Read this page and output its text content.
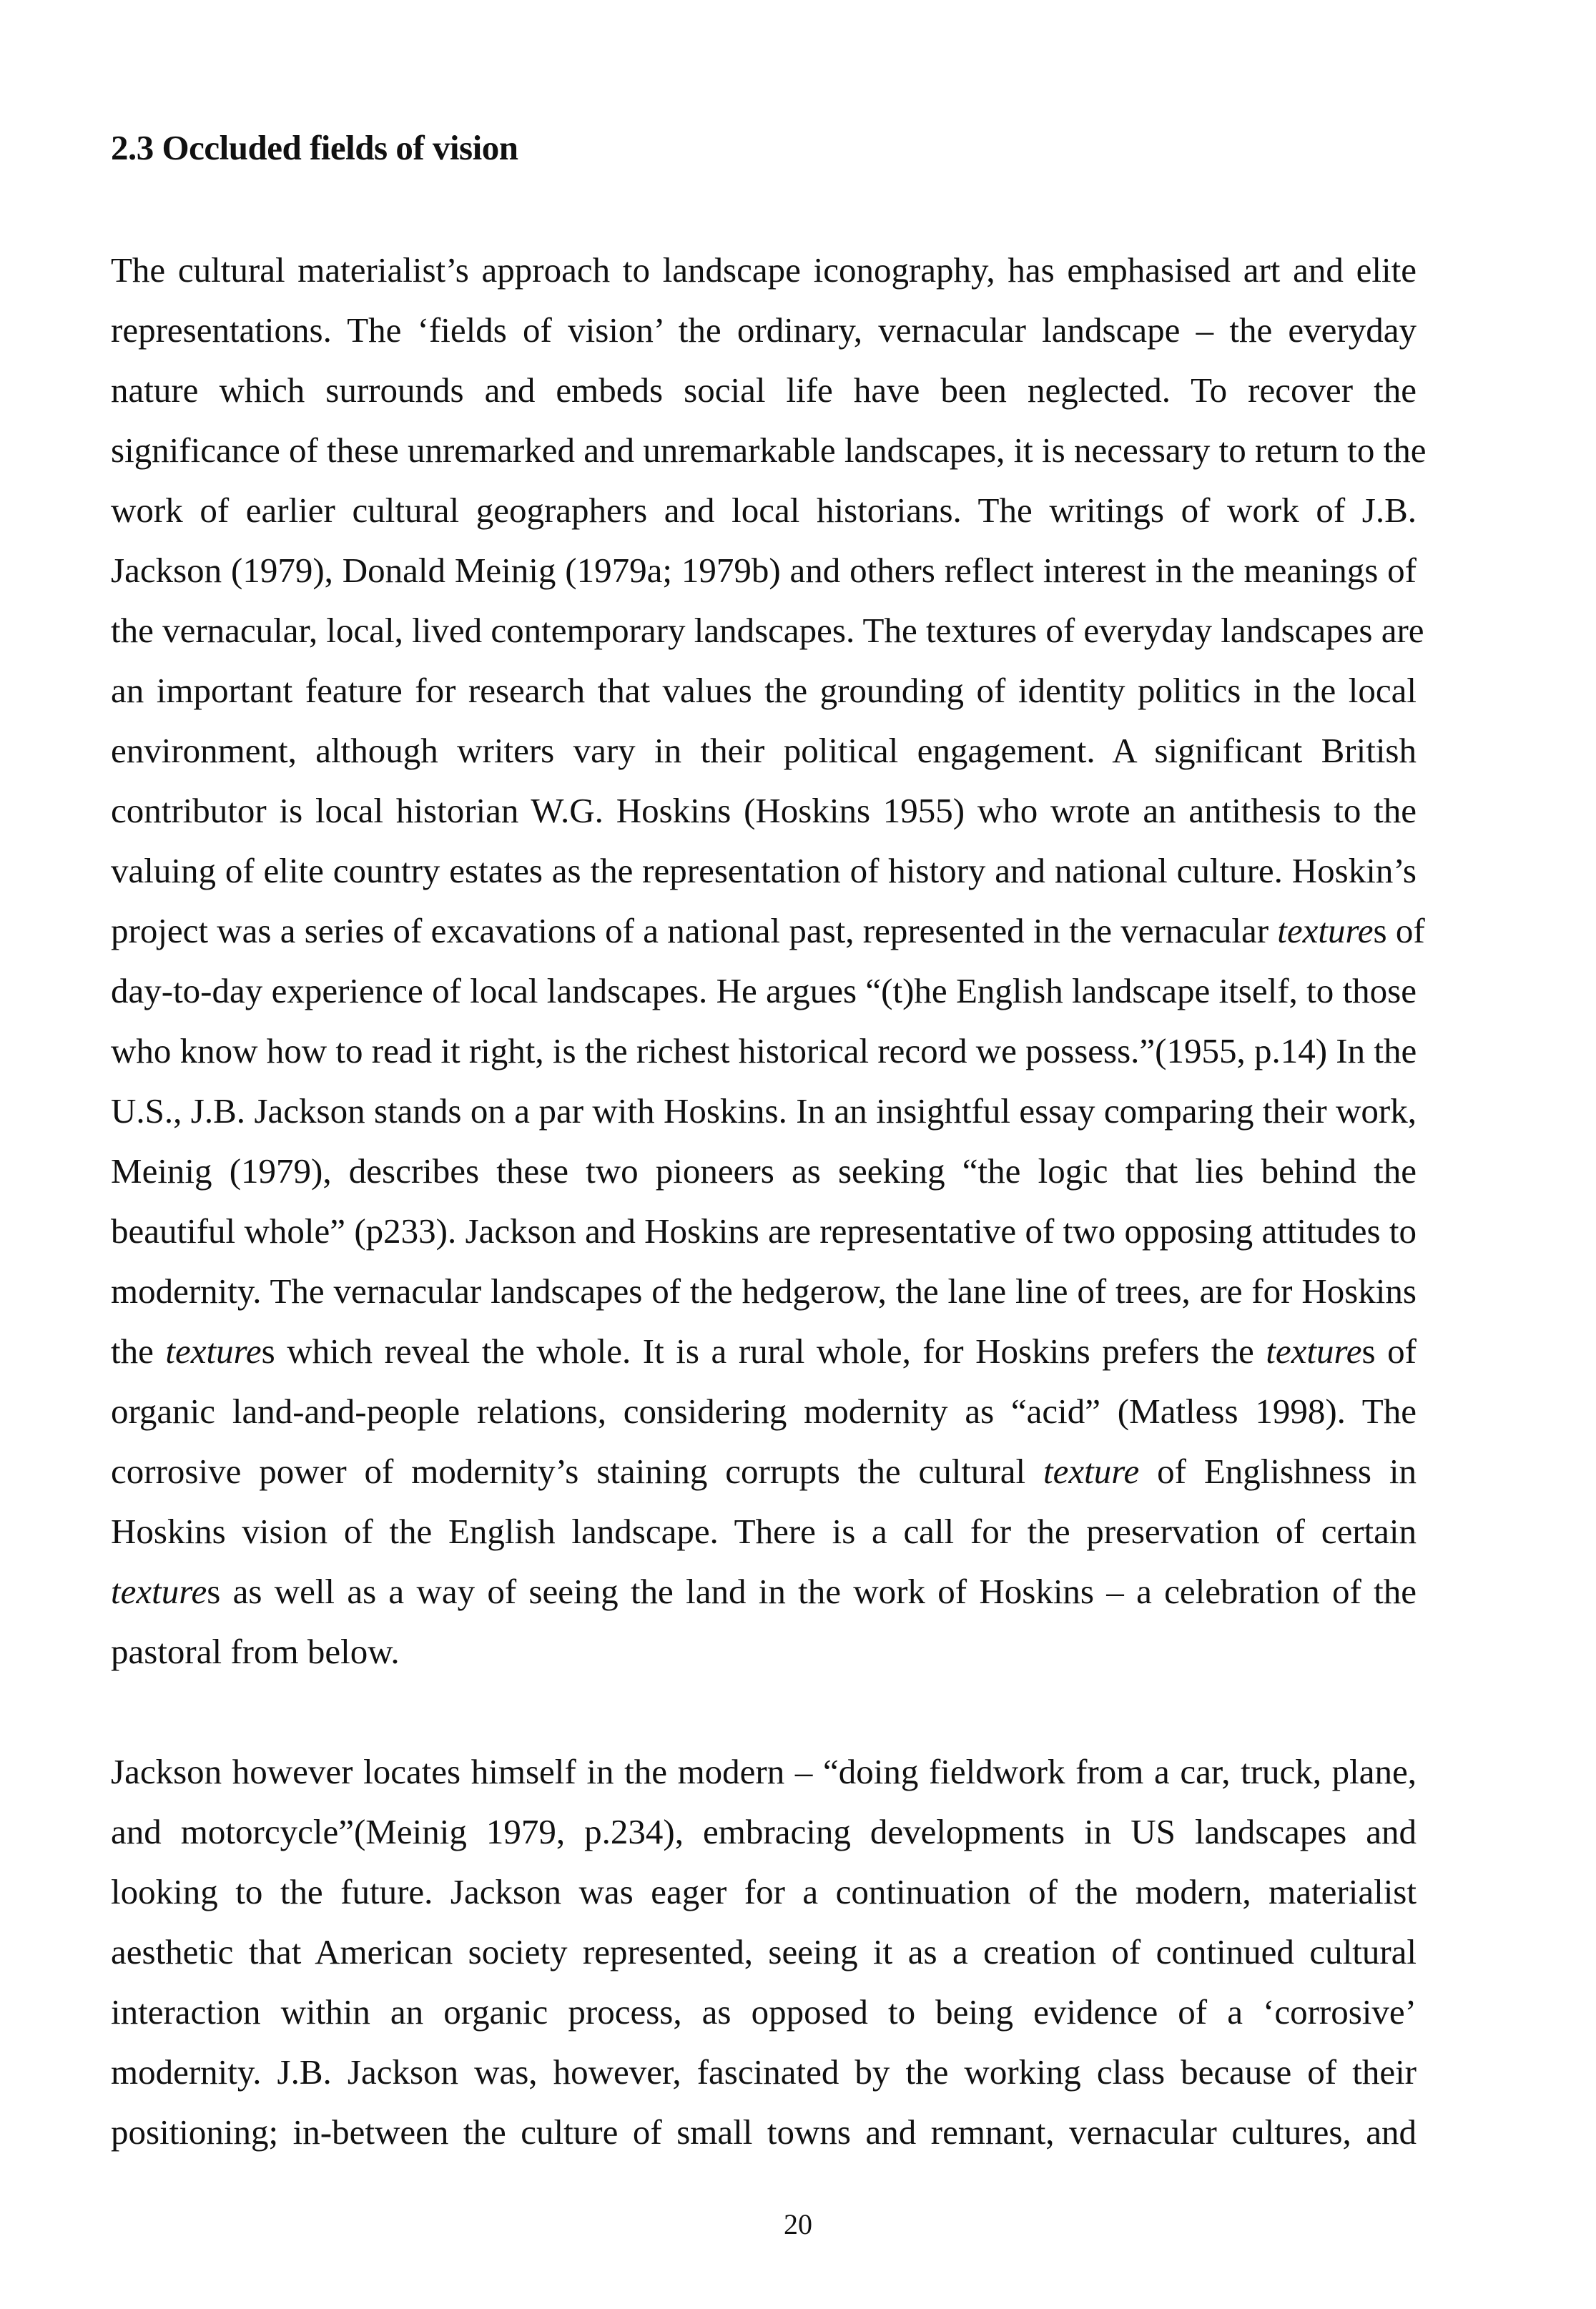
2.3 Occluded fields of vision
The cultural materialist’s approach to landscape iconography, has emphasised art and elite
representations. The ‘fields of vision’ the ordinary, vernacular landscape – the everyday
nature which surrounds and embeds social life have been neglected. To recover the
significance of these unremarked and unremarkable landscapes, it is necessary to return to the
work of earlier cultural geographers and local historians. The writings of work of J.B.
Jackson (1979), Donald Meinig (1979a; 1979b) and others reflect interest in the meanings of
the vernacular, local, lived contemporary landscapes. The textures of everyday landscapes are
an important feature for research that values the grounding of identity politics in the local
environment, although writers vary in their political engagement. A significant British
contributor is local historian W.G. Hoskins (Hoskins 1955) who wrote an antithesis to the
valuing of elite country estates as the representation of history and national culture. Hoskin’s
project was a series of excavations of a national past, represented in the vernacular textures of
day-to-day experience of local landscapes. He argues “(t)he English landscape itself, to those
who know how to read it right, is the richest historical record we possess.”(1955, p.14) In the
U.S., J.B. Jackson stands on a par with Hoskins. In an insightful essay comparing their work,
Meinig (1979), describes these two pioneers as seeking “the logic that lies behind the
beautiful whole” (p233). Jackson and Hoskins are representative of two opposing attitudes to
modernity. The vernacular landscapes of the hedgerow, the lane line of trees, are for Hoskins
the textures which reveal the whole. It is a rural whole, for Hoskins prefers the textures of
organic land-and-people relations, considering modernity as “acid” (Matless 1998). The
corrosive power of modernity’s staining corrupts the cultural texture of Englishness in
Hoskins vision of the English landscape. There is a call for the preservation of certain
textures as well as a way of seeing the land in the work of Hoskins – a celebration of the
pastoral from below.
Jackson however locates himself in the modern – “doing fieldwork from a car, truck, plane,
and motorcycle”(Meinig 1979, p.234), embracing developments in US landscapes and
looking to the future. Jackson was eager for a continuation of the modern, materialist
aesthetic that American society represented, seeing it as a creation of continued cultural
interaction within an organic process, as opposed to being evidence of a ‘corrosive’
modernity. J.B. Jackson was, however, fascinated by the working class because of their
positioning; in-between the culture of small towns and remnant, vernacular cultures, and
20
